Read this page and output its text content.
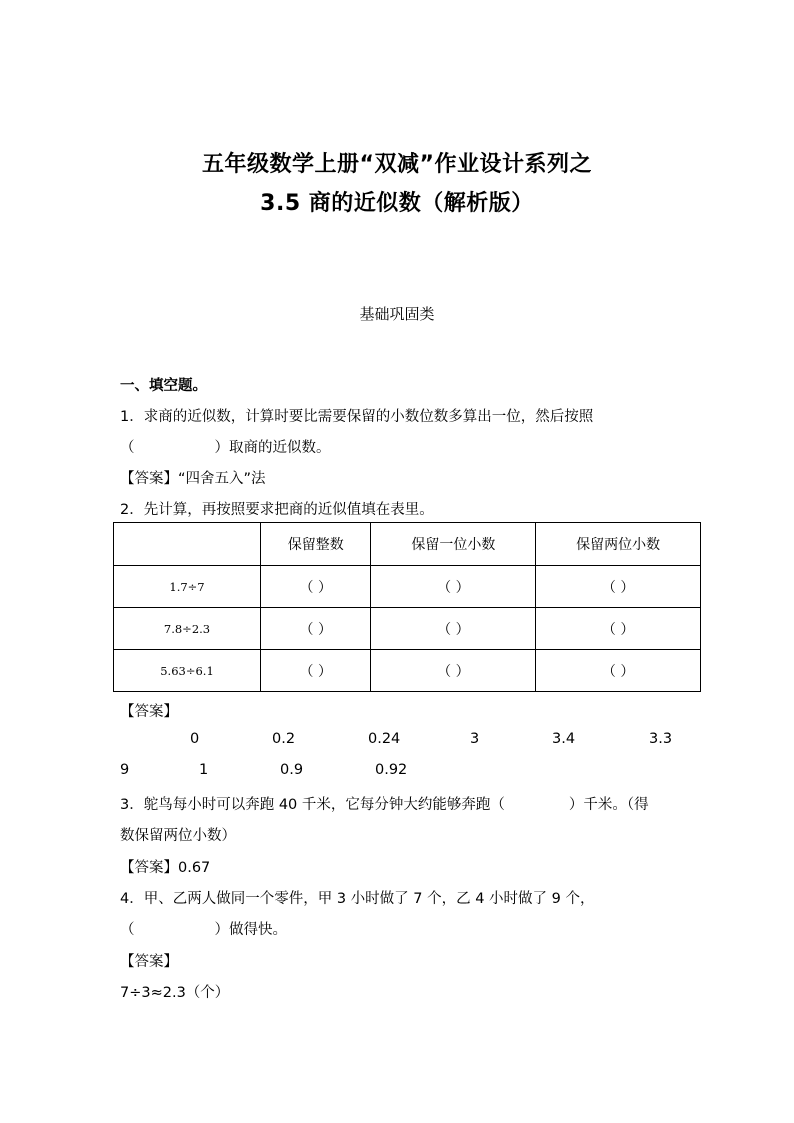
五年级数学上册“双减”作业设计系列之
3.5 商的近似数（解析版）
基础巩固类
一、填空题。
1．求商的近似数，计算时要比需要保留的小数位数多算出一位，然后按照
（	）取商的近似数。
【答案】“四舍五入”法
2．先计算，再按照要求把商的近似值填在表里。
	保留整数	保留一位小数	保留两位小数
1.7÷7	（ ）	（ ）	（ ）
7.8÷2.3	（ ）	（ ）	（ ）
5.63÷6.1	（ ）	（ ）	（ ）
【答案】
0	0.2	0.24	3	3.4	3.3
9	1	0.9	0.92
3．鸵鸟每小时可以奔跑 40 千米，它每分钟大约能够奔跑（	）千米。（得
数保留两位小数）
【答案】0.67
4．甲、乙两人做同一个零件，甲 3 小时做了 7 个，乙 4 小时做了 9 个，
（	）做得快。
【答案】
7÷3≈2.3（个）
